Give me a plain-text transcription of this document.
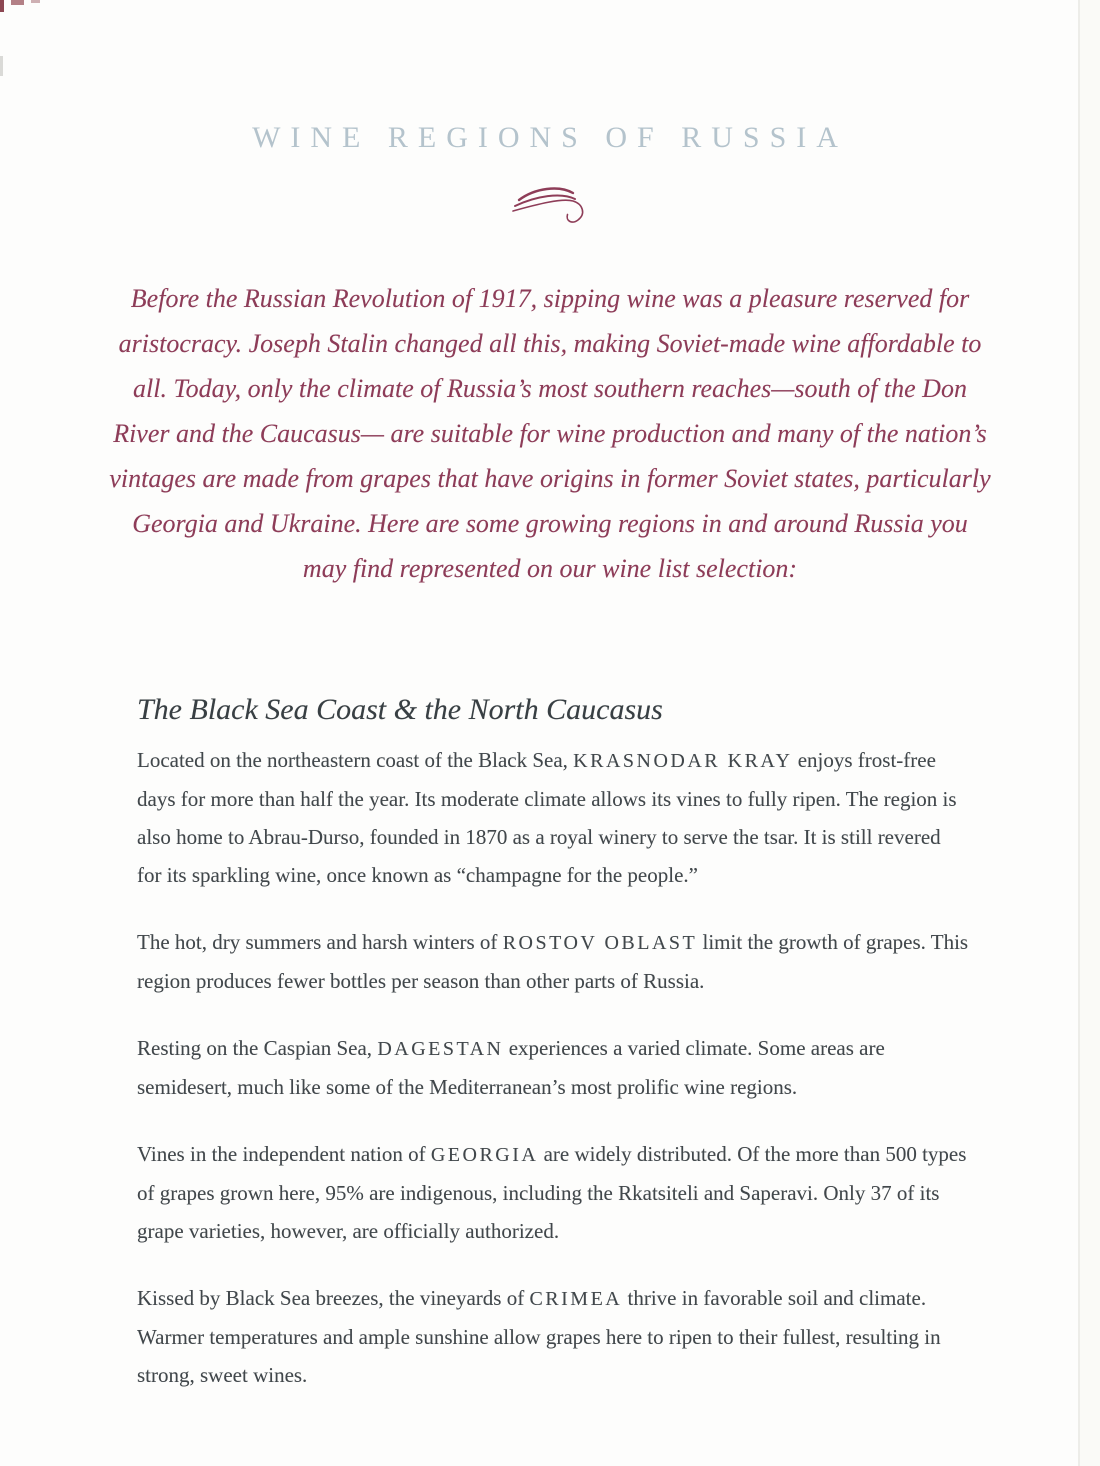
WINE REGIONS OF RUSSIA

Before the Russian Revolution of 1917, sipping wine was a pleasure reserved for aristocracy. Joseph Stalin changed all this, making Soviet-made wine affordable to all. Today, only the climate of Russia’s most southern reaches—south of the Don River and the Caucasus— are suitable for wine production and many of the nation’s vintages are made from grapes that have origins in former Soviet states, particularly Georgia and Ukraine. Here are some growing regions in and around Russia you may find represented on our wine list selection:

The Black Sea Coast & the North Caucasus

Located on the northeastern coast of the Black Sea, KRASNODAR KRAY enjoys frost-free days for more than half the year. Its moderate climate allows its vines to fully ripen. The region is also home to Abrau-Durso, founded in 1870 as a royal winery to serve the tsar. It is still revered for its sparkling wine, once known as “champagne for the people.”

The hot, dry summers and harsh winters of ROSTOV OBLAST limit the growth of grapes. This region produces fewer bottles per season than other parts of Russia.

Resting on the Caspian Sea, DAGESTAN experiences a varied climate. Some areas are semidesert, much like some of the Mediterranean’s most prolific wine regions.

Vines in the independent nation of GEORGIA are widely distributed. Of the more than 500 types of grapes grown here, 95% are indigenous, including the Rkatsiteli and Saperavi. Only 37 of its grape varieties, however, are officially authorized.

Kissed by Black Sea breezes, the vineyards of CRIMEA thrive in favorable soil and climate. Warmer temperatures and ample sunshine allow grapes here to ripen to their fullest, resulting in strong, sweet wines.
